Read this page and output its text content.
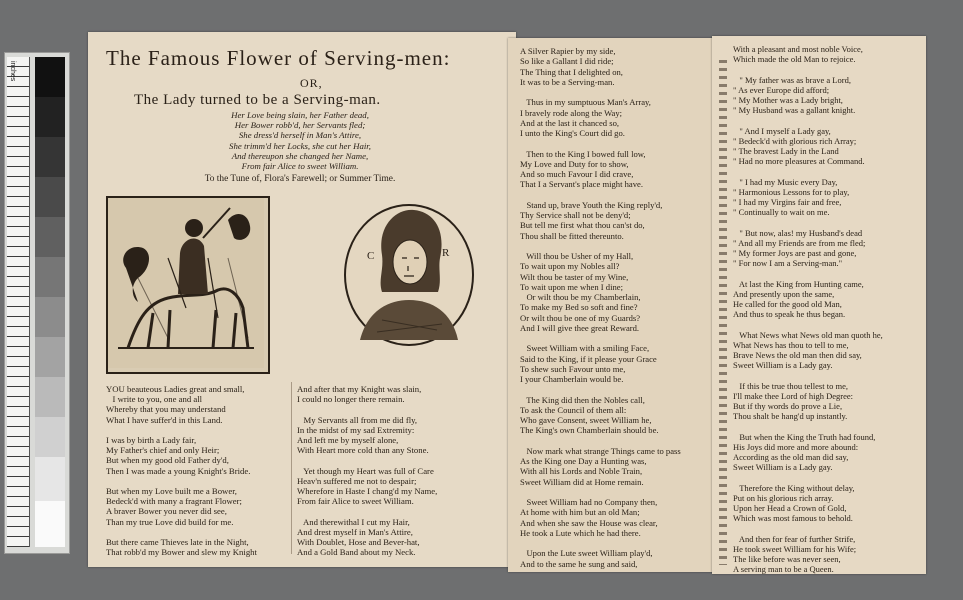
inches
The Famous Flower of Serving-men:
OR,
The Lady turned to be a Serving-man.
Her Love being slain, her Father dead,
Her Bower robb'd, her Servants fled;
She dress'd herself in Man's Attire,
She trimm'd her Locks, she cut her Hair,
And thereupon she changed her Name,
From fair Alice to sweet William.
To the Tune of, Flora's Farewell; or Summer Time.
C	R
YOU beauteous Ladies great and small,
I write to you, one and all
Whereby that you may understand
What I have suffer'd in this Land.

I was by birth a Lady fair,
My Father's chief and only Heir;
But when my good old Father dy'd,
Then I was made a young Knight's Bride.

But when my Love built me a Bower,
Bedeck'd with many a fragrant Flower;
A braver Bower you never did see,
Than my true Love did build for me.

But there came Thieves late in the Night,
That robb'd my Bower and slew my Knight
And after that my Knight was slain,
I could no longer there remain.

My Servants all from me did fly,
In the midst of my sad Extremity:
And left me by myself alone,
With Heart more cold than any Stone.

Yet though my Heart was full of Care
Heav'n suffered me not to despair;
Wherefore in Haste I chang'd my Name,
From fair Alice to sweet William.

And therewithal I cut my Hair,
And drest myself in Man's Attire,
With Doublet, Hose and Bever-hat,
And a Gold Band about my Neck.
A Silver Rapier by my side,
So like a Gallant I did ride;
The Thing that I delighted on,
It was to be a Serving-man.

Thus in my sumptuous Man's Array,
I bravely rode along the Way;
And at the last it chanced so,
I unto the King's Court did go.

Then to the King I bowed full low,
My Love and Duty for to show,
And so much Favour I did crave,
That I a Servant's place might have.

Stand up, brave Youth the King reply'd,
Thy Service shall not be deny'd;
But tell me first what thou can'st do,
Thou shall be fitted thereunto.

Will thou be Usher of my Hall,
To wait upon my Nobles all?
Wilt thou be taster of my Wine,
To wait upon me when I dine;
Or wilt thou be my Chamberlain,
To make my Bed so soft and fine?
Or wilt thou be one of my Guards?
And I will give thee great Reward.

Sweet William with a smiling Face,
Said to the King, if it please your Grace
To shew such Favour unto me,
I your Chamberlain would be.

The King did then the Nobles call,
To ask the Council of them all:
Who gave Consent, sweet William he,
The King's own Chamberlain should be.

Now mark what strange Things came to pass
As the King one Day a Hunting was,
With all his Lords and Noble Train,
Sweet William did at Home remain.

Sweet William had no Company then,
At home with him but an old Man;
And when she saw the House was clear,
He took a Lute which he had there.

Upon the Lute sweet William play'd,
And to the same he sung and said,
With a pleasant and most noble Voice,
Which made the old Man to rejoice.

" My father was as brave a Lord,
" As ever Europe did afford;
" My Mother was a Lady bright,
" My Husband was a gallant knight.

" And I myself a Lady gay,
" Bedeck'd with glorious rich Array;
" The bravest Lady in the Land
" Had no more pleasures at Command.

" I had my Music every Day,
" Harmonious Lessons for to play,
" I had my Virgins fair and free,
" Continually to wait on me.

" But now, alas! my Husband's dead
" And all my Friends are from me fled;
" My former Joys are past and gone,
" For now I am a Serving-man."

At last the King from Hunting came,
And presently upon the same,
He called for the good old Man,
And thus to speak he thus began.

What News what News old man quoth he,
What News has thou to tell to me,
Brave News the old man then did say,
Sweet William is a Lady gay.

If this be true thou tellest to me,
I'll make thee Lord of high Degree:
But if thy words do prove a Lie,
Thou shalt be hang'd up instantly.

But when the King the Truth had found,
His Joys did more and more abound:
According as the old man did say,
Sweet William is a Lady gay.

Therefore the King without delay,
Put on his glorious rich array.
Upon her Head a Crown of Gold,
Which was most famous to behold.

And then for fear of further Strife,
He took sweet William for his Wife;
The like before was never seen,
A serving man to be a Queen.
